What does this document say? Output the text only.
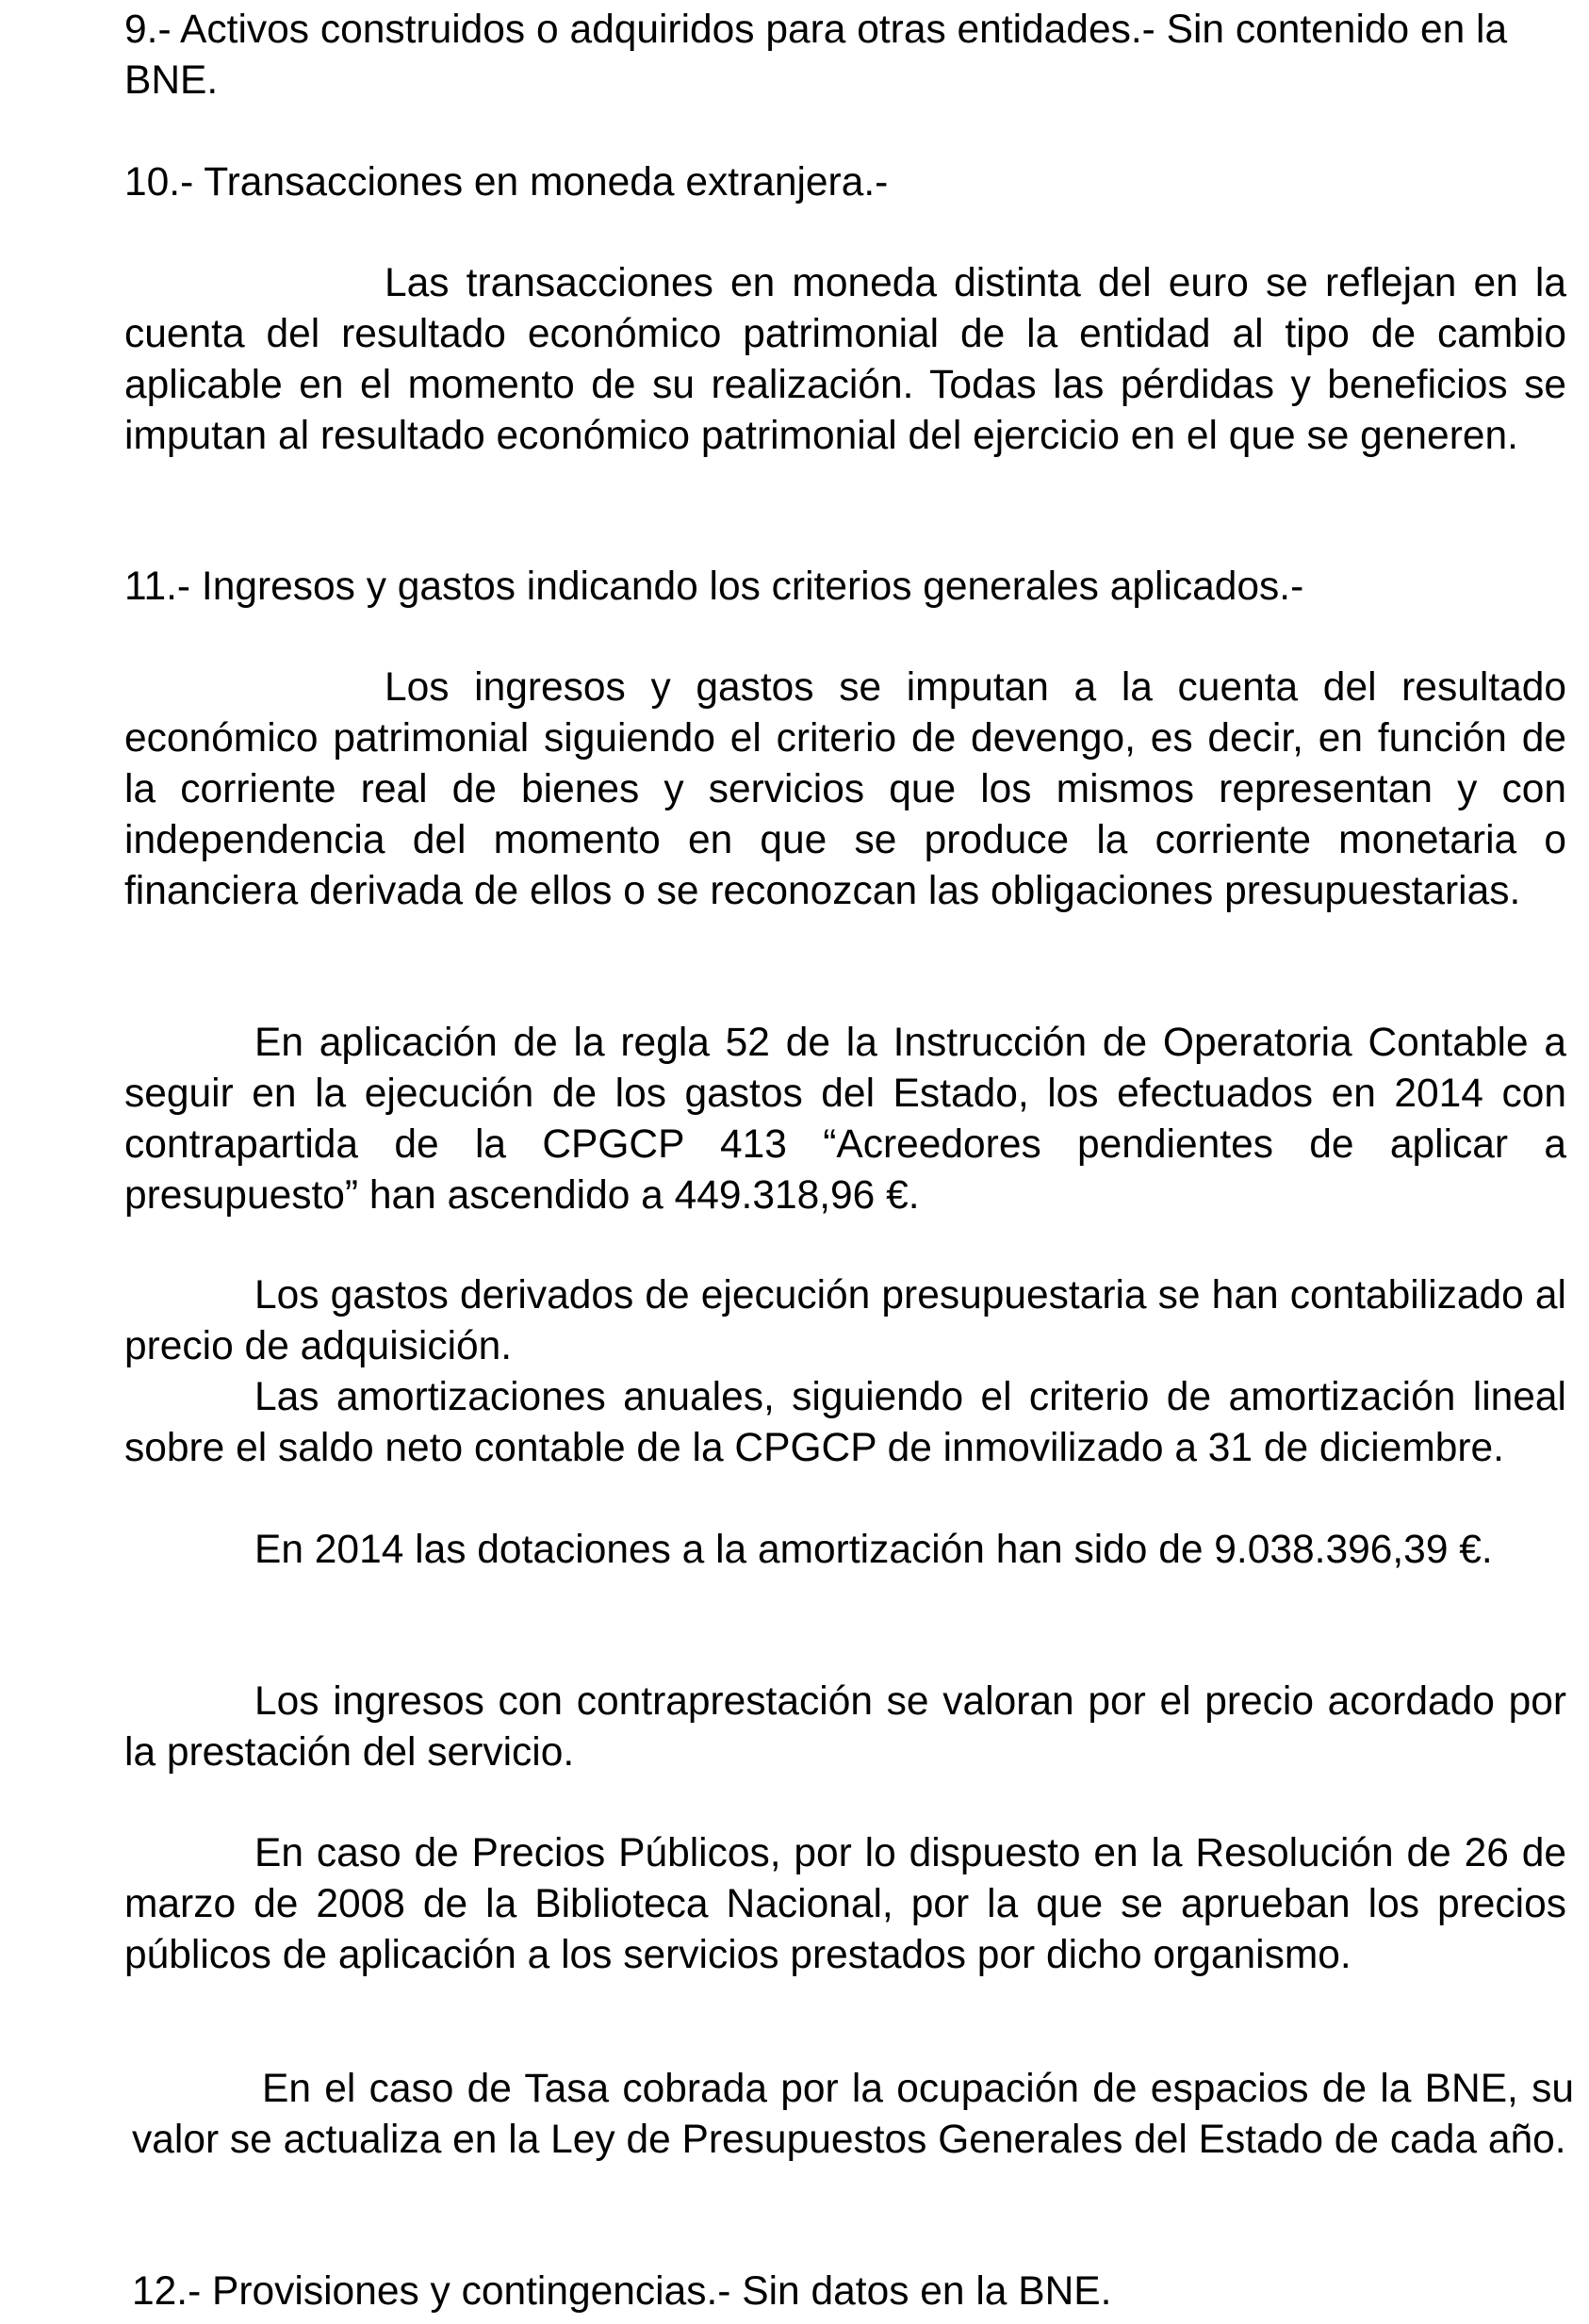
9.- Activos construidos o adquiridos para otras entidades.- Sin contenido en la BNE.

10.- Transacciones en moneda extranjera.-

Las transacciones en moneda distinta del euro se reflejan en la cuenta del resultado económico patrimonial de la entidad al tipo de cambio aplicable en el momento de su realización. Todas las pérdidas y beneficios se imputan al resultado económico patrimonial del ejercicio en el que se generen.

11.- Ingresos y gastos indicando los criterios generales aplicados.-

Los ingresos y gastos se imputan a la cuenta del resultado económico patrimonial siguiendo el criterio de devengo, es decir, en función de la corriente real de bienes y servicios que los mismos representan y con independencia del momento en que se produce la corriente monetaria o financiera derivada de ellos o se reconozcan las obligaciones presupuestarias.

En aplicación de la regla 52 de la Instrucción de Operatoria Contable a seguir en la ejecución de los gastos del Estado, los efectuados en 2014 con contrapartida de la CPGCP 413 “Acreedores pendientes de aplicar a presupuesto” han ascendido a 449.318,96 €.

Los gastos derivados de ejecución presupuestaria se han contabilizado al precio de adquisición.

Las amortizaciones anuales, siguiendo el criterio de amortización lineal sobre el saldo neto contable de la CPGCP de inmovilizado a 31 de diciembre.

En 2014 las dotaciones a la amortización han sido de 9.038.396,39 €.

Los ingresos con contraprestación se valoran por el precio acordado por la prestación del servicio.

En caso de Precios Públicos, por lo dispuesto en la Resolución de 26 de marzo de 2008 de la Biblioteca Nacional, por la que se aprueban los precios públicos de aplicación a los servicios prestados por dicho organismo.

En el caso de Tasa cobrada por la ocupación de espacios de la BNE, su valor se actualiza en la Ley de Presupuestos Generales del Estado de cada año.

12.- Provisiones y contingencias.- Sin datos en la BNE.
